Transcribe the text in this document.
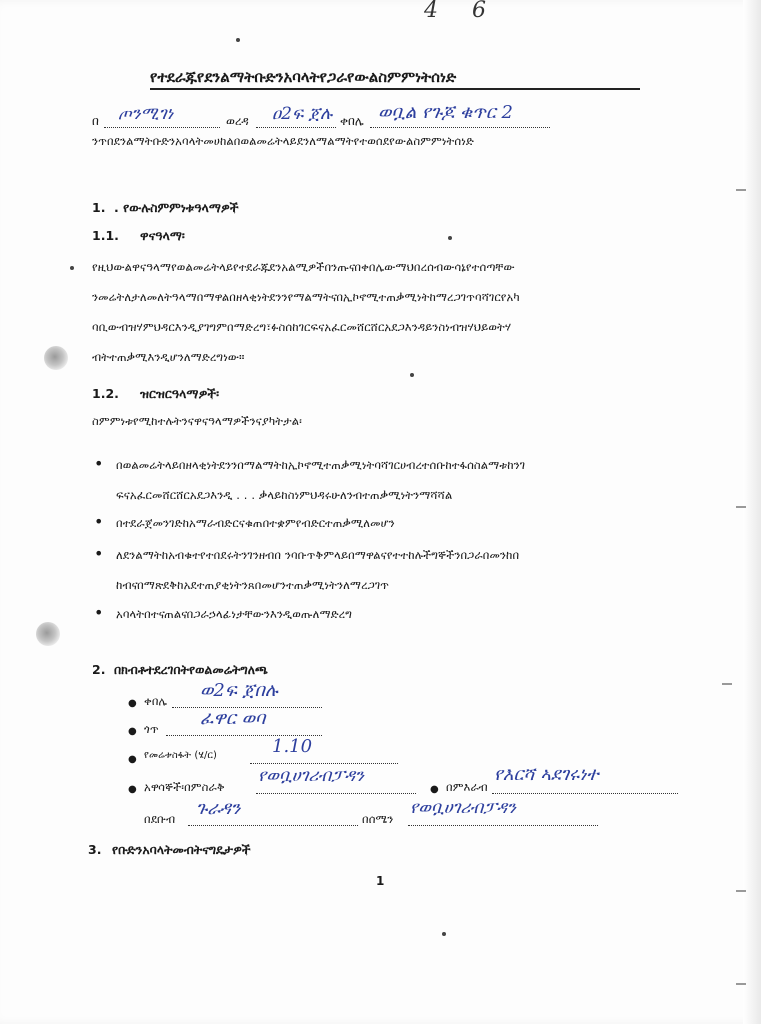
4 6
የተደራጁየደንልማትቡድንአባላትየጋራየውልስምምነትሰነድ
በ ጦንሚገነ	ወረዳ ዐ2ፍ ጀሉ ቀበሌ ወቧል የጉጆ ቁጥር 2
ንጥበደንልማትቡድንአባላትመሀከልበወልመሬትላይደንለማልማትየተወሰደየውልስምምነትሰነድ
1. . የውሉስምምነቱዓላማዎች
1.1. ዋናዓላማ፡
የዚህውልዋናዓላማየወልመሬትላይየተደራጁደንአልሚዎችበንጡናበቀበሌውማህበረሰብውሳኔየተሰጣቸው
ንመሬትለታለመለትዓላማበማዋልበዘላቂነትደንንየማልማትናበኢኮኖሚተጠቃሚነትከማረጋገጥባሻገርየአካ
ባቢውብዝሃምህዳርእንዲያገግምበማድረግ፣ፉስሰከገርፍናአፈርመሸርሸርአደጋእንዳይንስነብዝሃህይወትሃ
ብትተጠቃሚእንዲሆንለማድረግነው።
1.2. ዝርዝርዓላማዎች፡
ስምምነቱየሚከተሉትንናዋናዓላማዎችንናያካትታል፡
• በወልመሬትላይበዘላቂነትደንንበማልማትከኢኮኖሚተጠቃሚነትባሻገርሀብረተሰቡከተፋሰስልማቱከንገ
ፍናአፈርመሸርሸርአደጋእንዲ . . . ቃላይከስነምህዳሩሁለንብተጠቃሚነትንማሻሻል
• በተደራጀመንገድከአማራብድርናቁጠበተቋምየብድርተጠቃሚለመሆን
• ለደንልማትከአብቁተየተበደሩትንገንዘብበ ንባቡጥቅምላይበማዋልናየተተከሉችግኞችንበጋራበመንከበ
ከብናበማጽደቅከአደተጠያቂነትንጸበመሆንተጠቃሚነትንለማረጋገጥ
• አባላትበተናጠልናበጋራኃላፊነታቸውንእንዲወጡለማድረግ
2. በክብቶተደረገበትየወልመሬትግለጫ
● ቀበሌ ወ2ፍ ጀበሉ
● ጎጥ ፈዋር ወባ
● የመሬቱስፋት (ሄ/ር)	1.10
● አዋሳኞች፡በምስራቅ
የወቧሀገሪብፓዳን
● በምእራብ
የእርሻ ኣደገሩነተ
በደቡብ ጉራዳን	በሰሜን
የወቧሀገሪብፓዳን
3. የቡድንአባላትመብትናግዴታዎች
1
